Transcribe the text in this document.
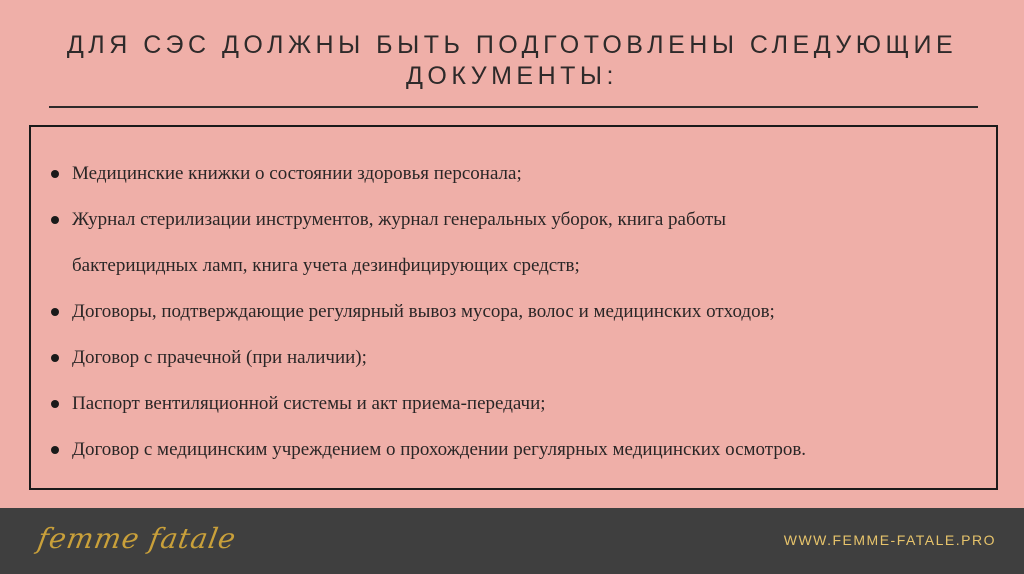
ДЛЯ СЭС ДОЛЖНЫ БЫТЬ ПОДГОТОВЛЕНЫ СЛЕДУЮЩИЕ
ДОКУМЕНТЫ:
Медицинские книжки о состоянии здоровья персонала;
Журнал стерилизации инструментов, журнал генеральных уборок, книга работы
бактерицидных ламп, книга учета дезинфицирующих средств;
Договоры, подтверждающие регулярный вывоз мусора, волос и медицинских отходов;
Договор с прачечной (при наличии);
Паспорт вентиляционной системы и акт приема-передачи;
Договор с медицинским учреждением о прохождении регулярных медицинских осмотров.
femme fatale	WWW.FEMME-FATALE.PRO
